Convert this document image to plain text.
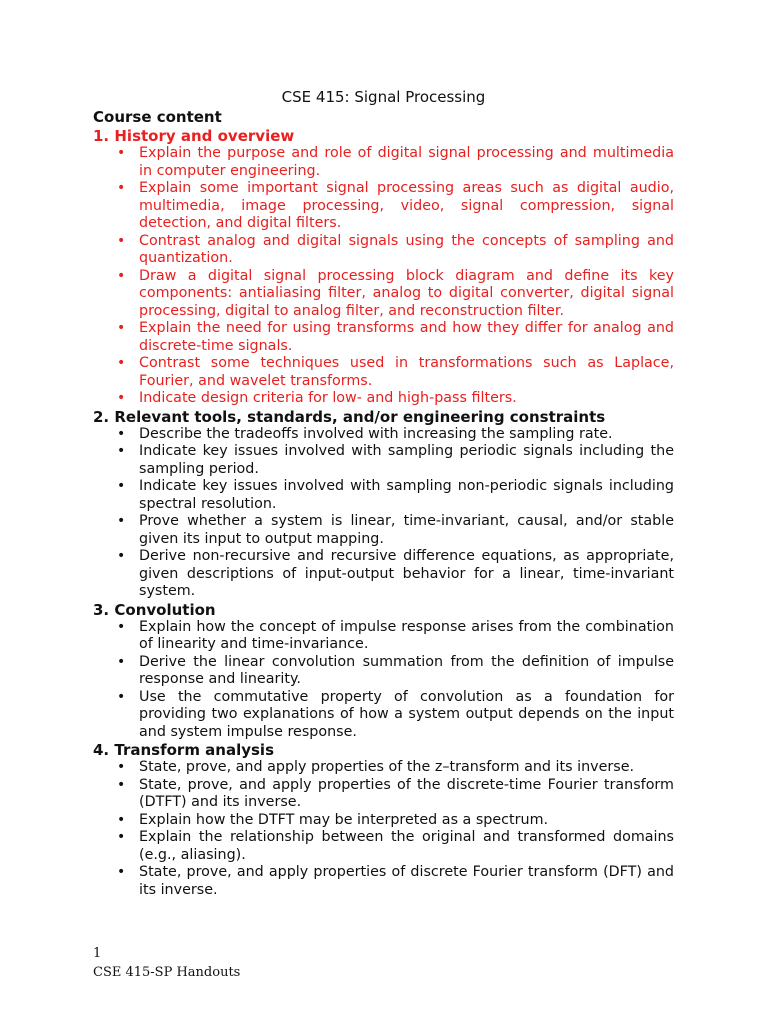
CSE 415: Signal Processing
Course content
1. History and overview
• Explain the purpose and role of digital signal processing and multimedia in computer engineering.
• Explain some important signal processing areas such as digital audio, multimedia, image processing, video, signal compression, signal detection, and digital filters.
• Contrast analog and digital signals using the concepts of sampling and quantization.
• Draw a digital signal processing block diagram and define its key components: antialiasing filter, analog to digital converter, digital signal processing, digital to analog filter, and reconstruction filter.
• Explain the need for using transforms and how they differ for analog and discrete-time signals.
• Contrast some techniques used in transformations such as Laplace, Fourier, and wavelet transforms.
• Indicate design criteria for low- and high-pass filters.
2. Relevant tools, standards, and/or engineering constraints
• Describe the tradeoffs involved with increasing the sampling rate.
• Indicate key issues involved with sampling periodic signals including the sampling period.
• Indicate key issues involved with sampling non-periodic signals including spectral resolution.
• Prove whether a system is linear, time-invariant, causal, and/or stable given its input to output mapping.
• Derive non-recursive and recursive difference equations, as appropriate, given descriptions of input-output behavior for a linear, time-invariant system.
3. Convolution
• Explain how the concept of impulse response arises from the combination of linearity and time-invariance.
• Derive the linear convolution summation from the definition of impulse response and linearity.
• Use the commutative property of convolution as a foundation for providing two explanations of how a system output depends on the input and system impulse response.
4. Transform analysis
• State, prove, and apply properties of the z–transform and its inverse.
• State, prove, and apply properties of the discrete-time Fourier transform (DTFT) and its inverse.
• Explain how the DTFT may be interpreted as a spectrum.
• Explain the relationship between the original and transformed domains (e.g., aliasing).
• State, prove, and apply properties of discrete Fourier transform (DFT) and its inverse.
1
CSE 415-SP Handouts
